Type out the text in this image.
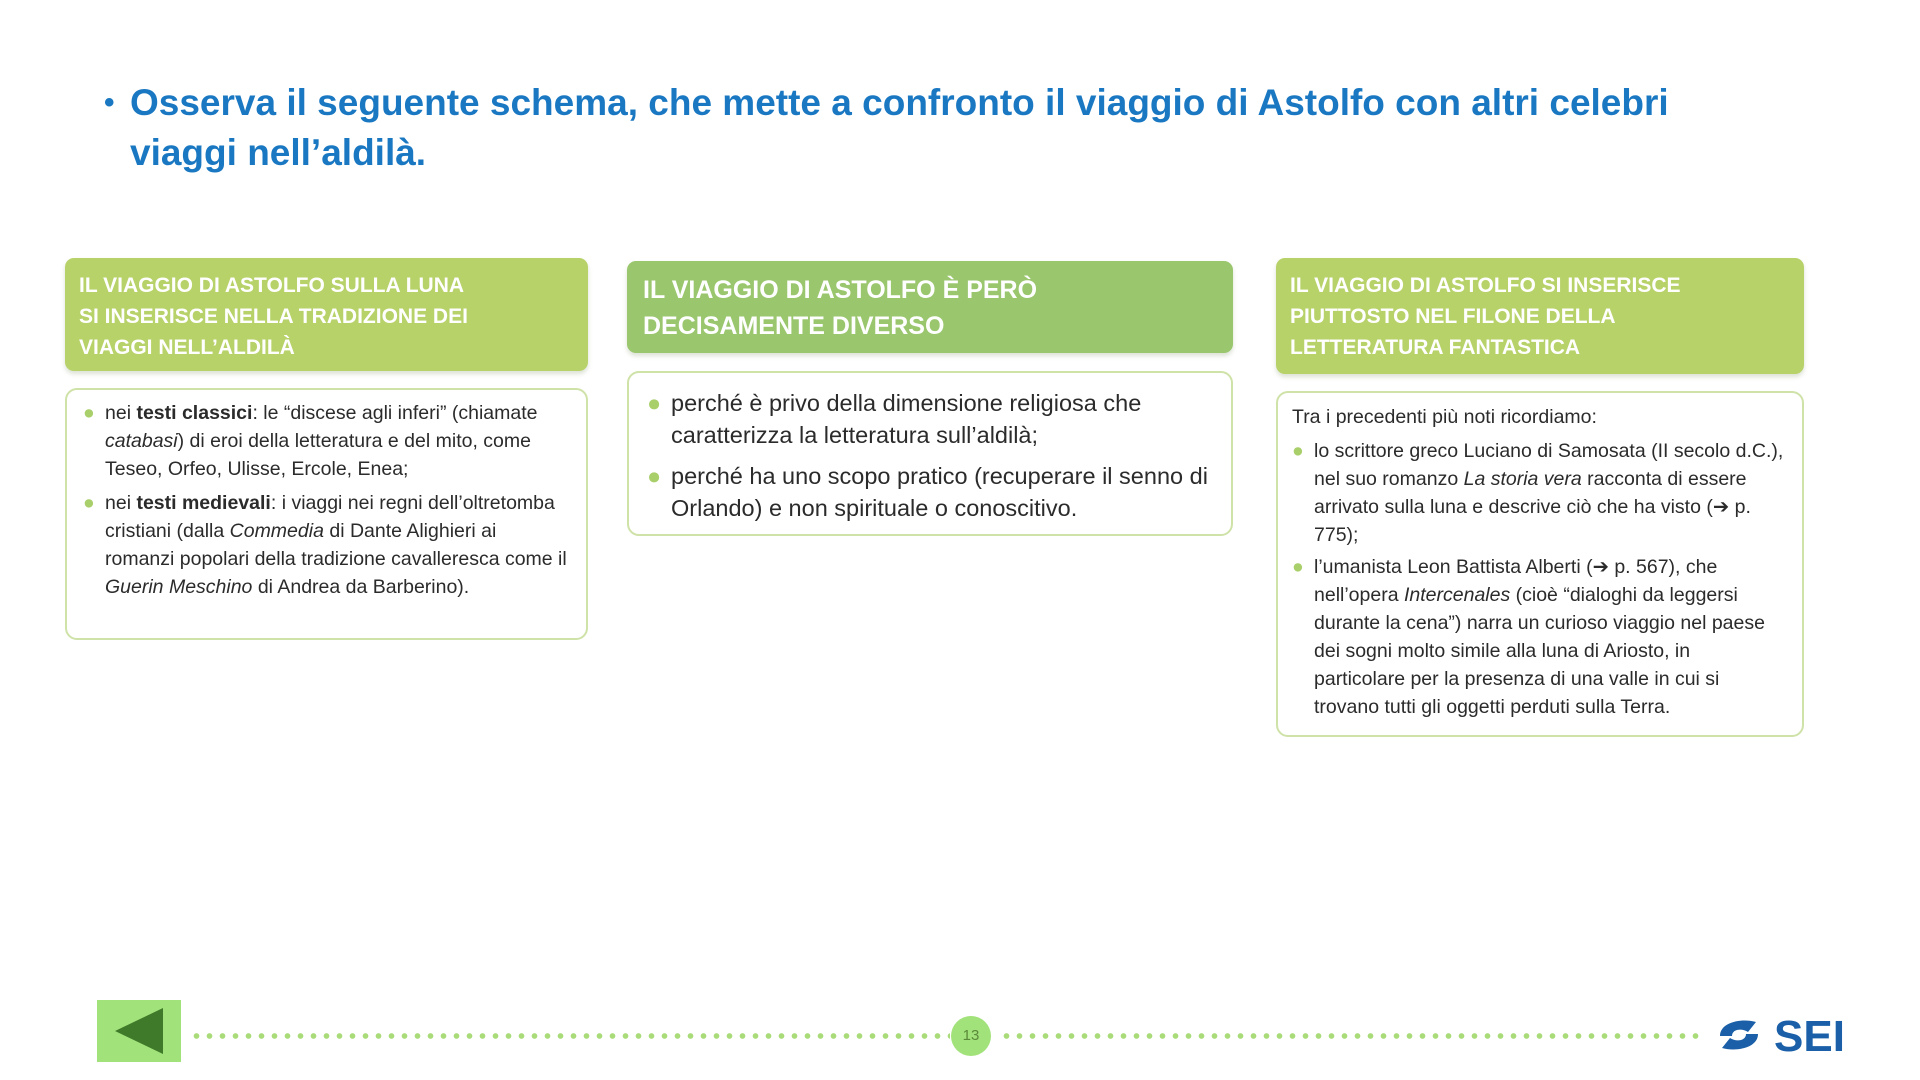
• Osserva il seguente schema, che mette a confronto il viaggio di Astolfo con altri celebri viaggi nell’aldilà.
IL VIAGGIO DI ASTOLFO SULLA LUNA
SI INSERISCE NELLA TRADIZIONE DEI
VIAGGI NELL’ALDILÀ
● nei testi classici: le “discese agli inferi” (chiamate catabasi) di eroi della letteratura e del mito, come Teseo, Orfeo, Ulisse, Ercole, Enea;
● nei testi medievali: i viaggi nei regni dell’oltretomba cristiani (dalla Commedia di Dante Alighieri ai romanzi popolari della tradizione cavalleresca come il Guerin Meschino di Andrea da Barberino).
IL VIAGGIO DI ASTOLFO È PERÒ
DECISAMENTE DIVERSO
● perché è privo della dimensione religiosa che caratterizza la letteratura sull’aldilà;
● perché ha uno scopo pratico (recuperare il senno di Orlando) e non spirituale o conoscitivo.
IL VIAGGIO DI ASTOLFO SI INSERISCE
PIUTTOSTO NEL FILONE DELLA
LETTERATURA FANTASTICA
Tra i precedenti più noti ricordiamo:
● lo scrittore greco Luciano di Samosata (II secolo d.C.), nel suo romanzo La storia vera racconta di essere arrivato sulla luna e descrive ciò che ha visto (➔ p. 775);
● l’umanista Leon Battista Alberti (➔ p. 567), che nell’opera Intercenales (cioè “dialoghi da leggersi durante la cena”) narra un curioso viaggio nel paese dei sogni molto simile alla luna di Ariosto, in particolare per la presenza di una valle in cui si trovano tutti gli oggetti perduti sulla Terra.
13	SEI
